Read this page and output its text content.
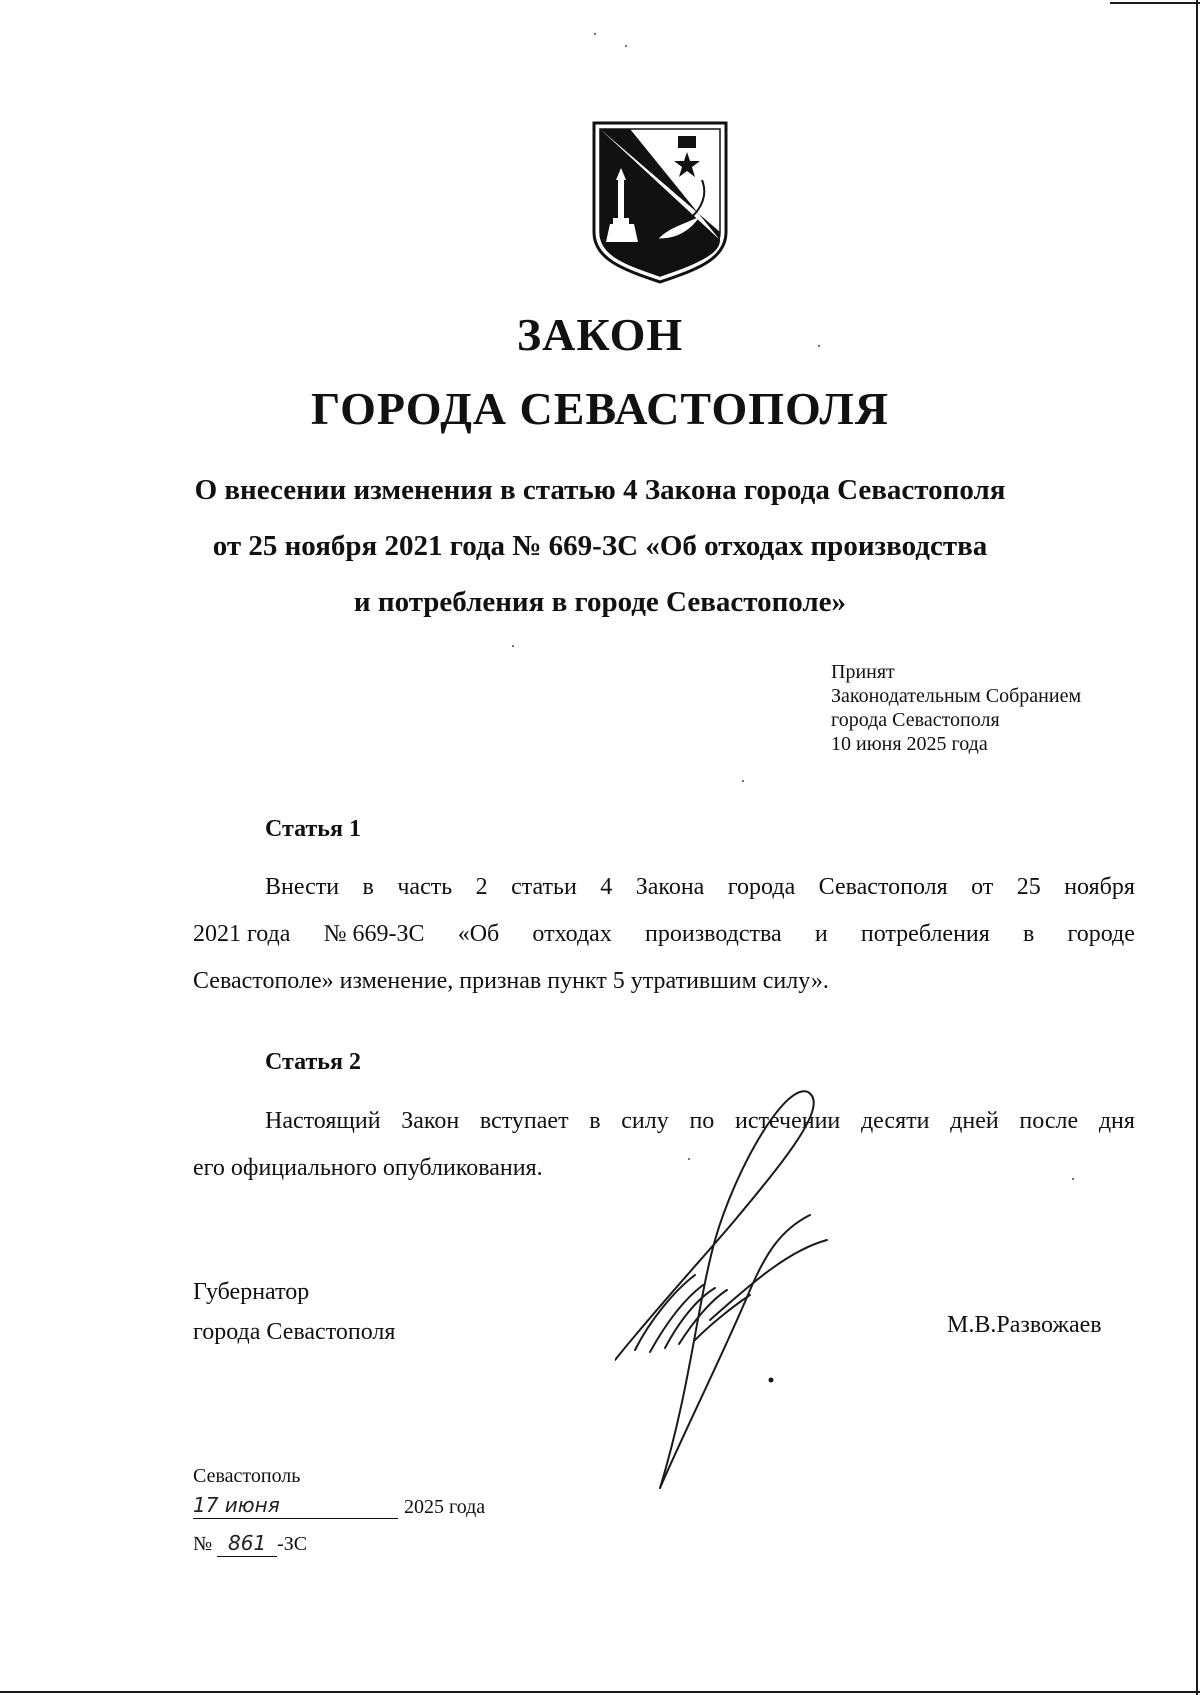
ЗАКОН
ГОРОДА СЕВАСТОПОЛЯ
О внесении изменения в статью 4 Закона города Севастополя
от 25 ноября 2021 года № 669-ЗС «Об отходах производства
и потребления в городе Севастополе»
Принят
Законодательным Собранием
города Севастополя
10 июня 2025 года
Статья 1
Внести в часть 2 статьи 4 Закона города Севастополя от 25 ноября
2021 года № 669-ЗС «Об отходах производства и потребления в городе
Севастополе» изменение, признав пункт 5 утратившим силу».
Статья 2
Настоящий Закон вступает в силу по истечении десяти дней после дня
его официального опубликования.
Губернатор
города Севастополя	М.В.Развожаев
Севастополь
17 июня	2025 года
№ 861 -ЗС
